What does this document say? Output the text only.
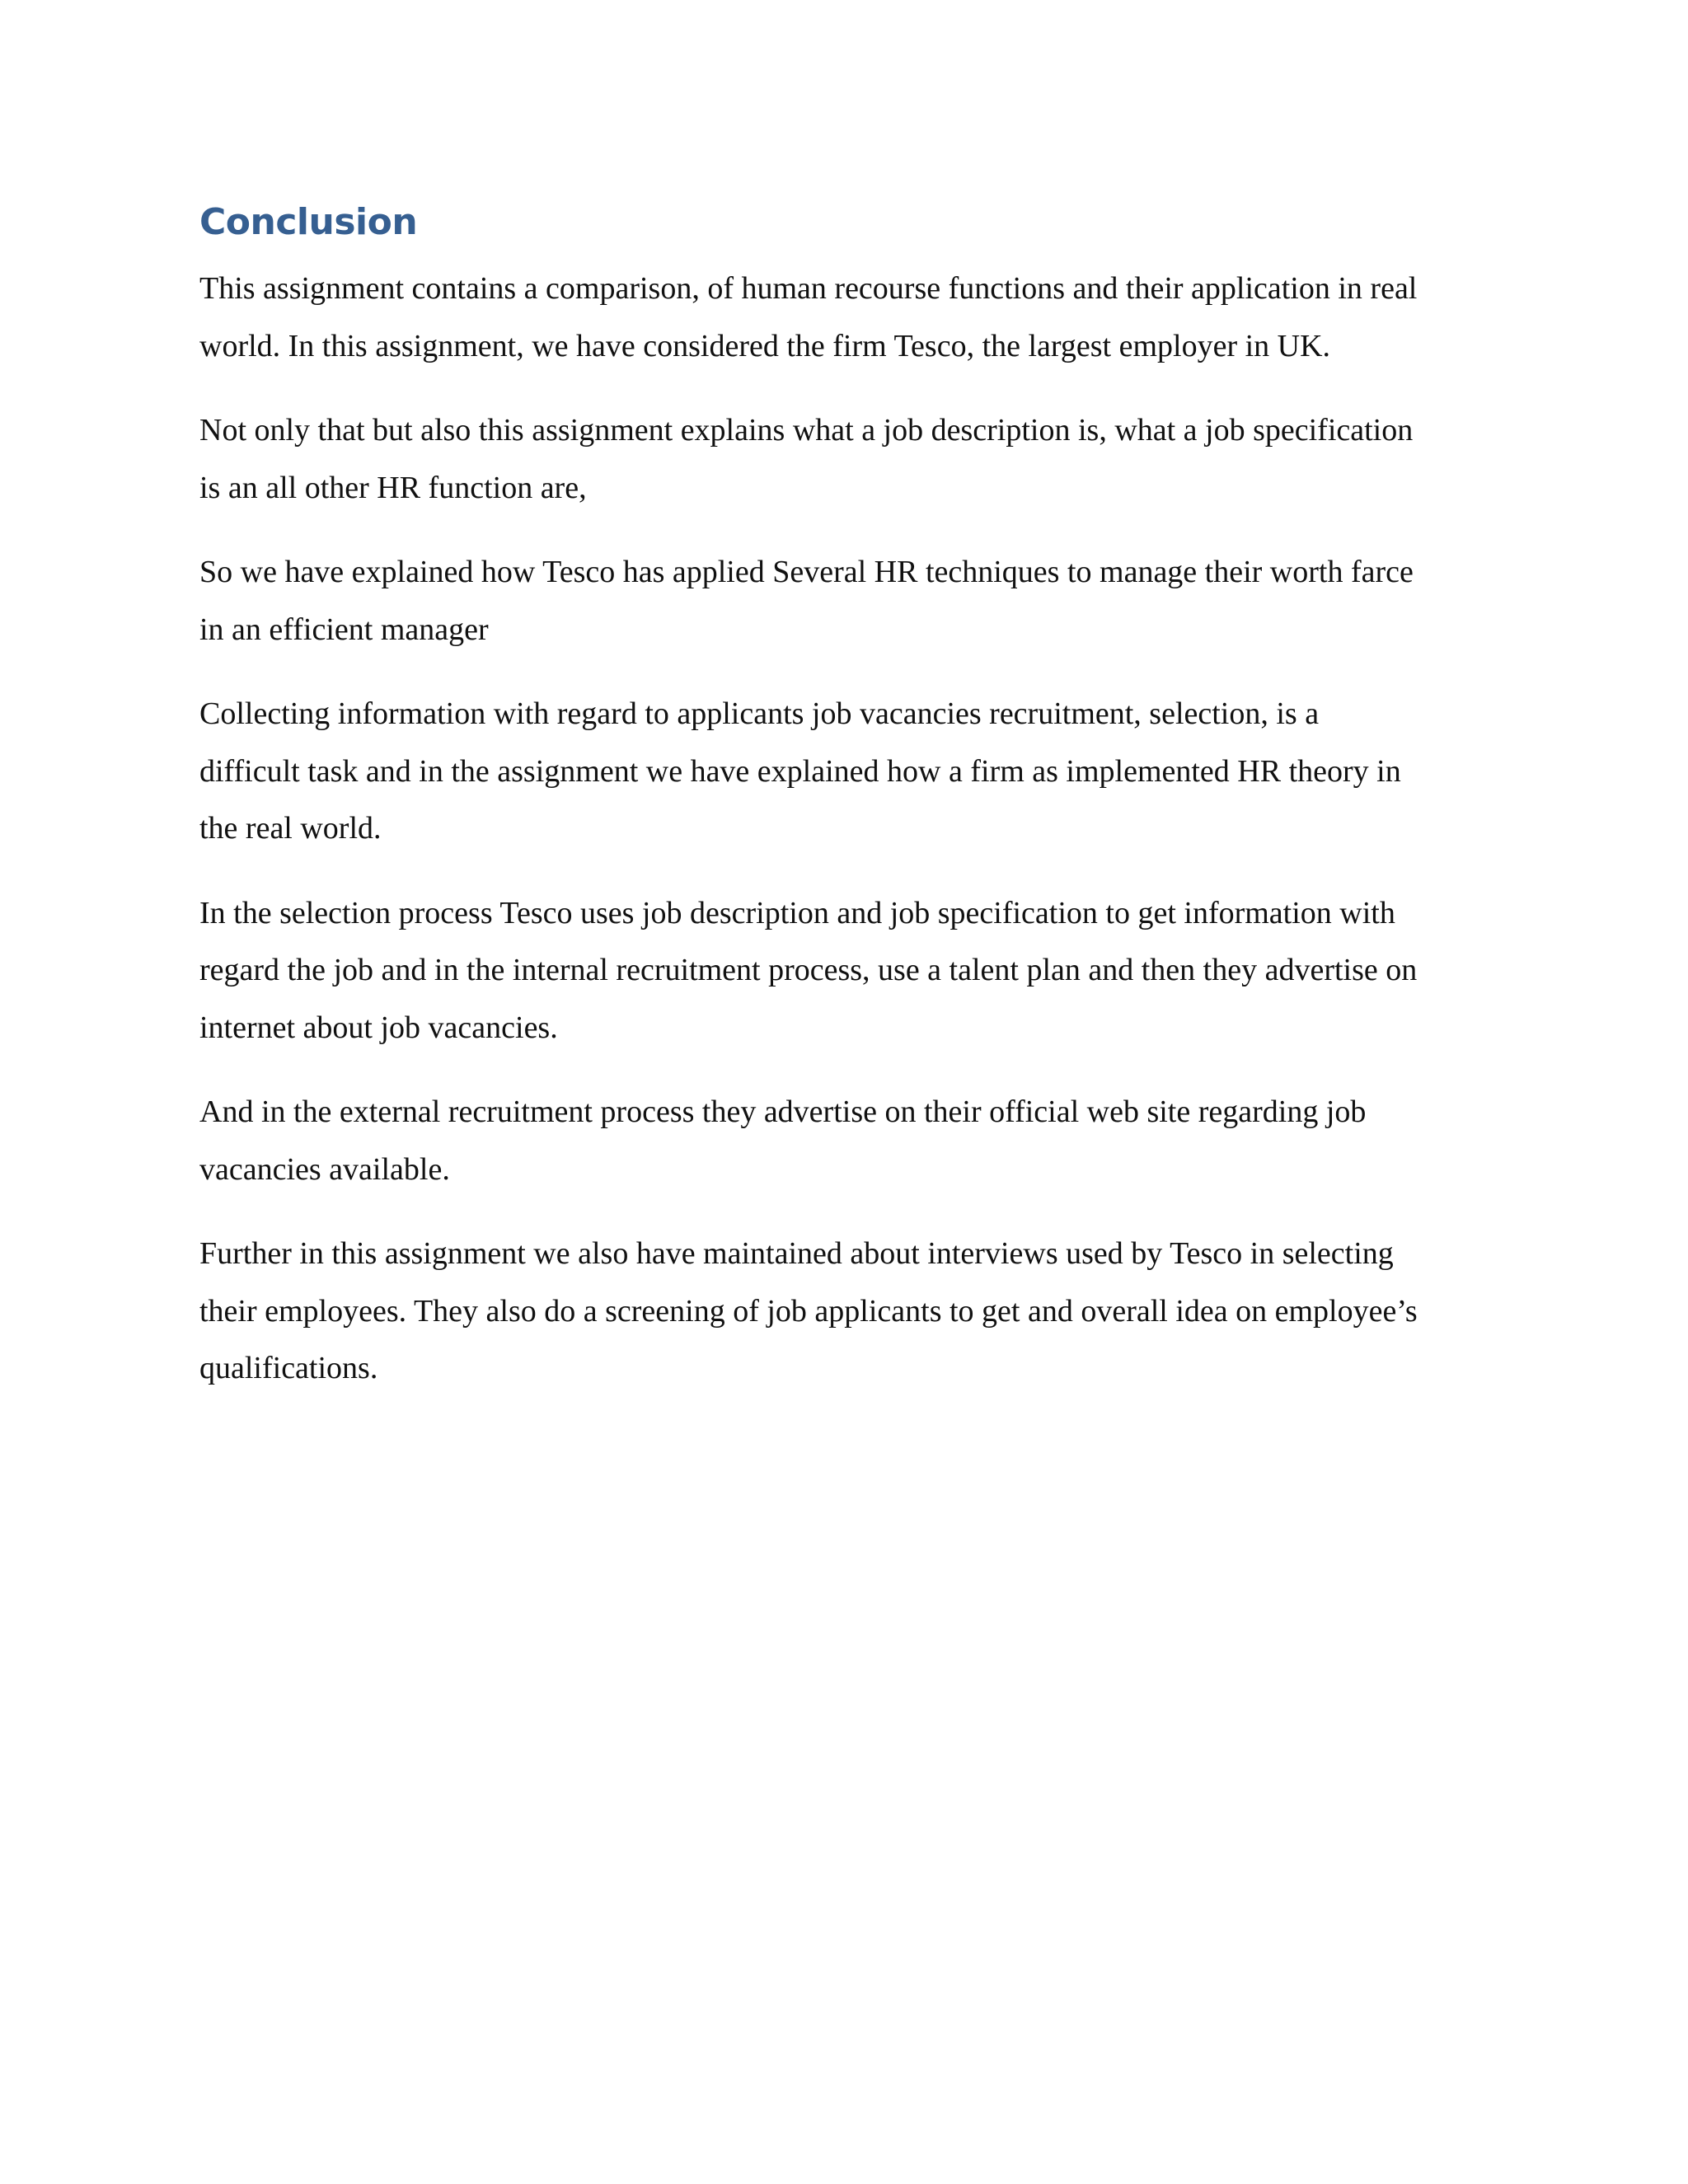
Conclusion

This assignment contains a comparison, of human recourse functions and their application in real
world. In this assignment, we have considered the firm Tesco, the largest employer in UK.

Not only that but also this assignment explains what a job description is, what a job specification
is an all other HR function are,

So we have explained how Tesco has applied Several HR techniques to manage their worth farce
in an efficient manager

Collecting information with regard to applicants job vacancies recruitment, selection, is a
difficult task and in the assignment we have explained how a firm as implemented HR theory in
the real world.

In the selection process Tesco uses job description and job specification to get information with
regard the job and in the internal recruitment process, use a talent plan and then they advertise on
internet about job vacancies.

And in the external recruitment process they advertise on their official web site regarding job
vacancies available.

Further in this assignment we also have maintained about interviews used by Tesco in selecting
their employees. They also do a screening of job applicants to get and overall idea on employee’s
qualifications.
